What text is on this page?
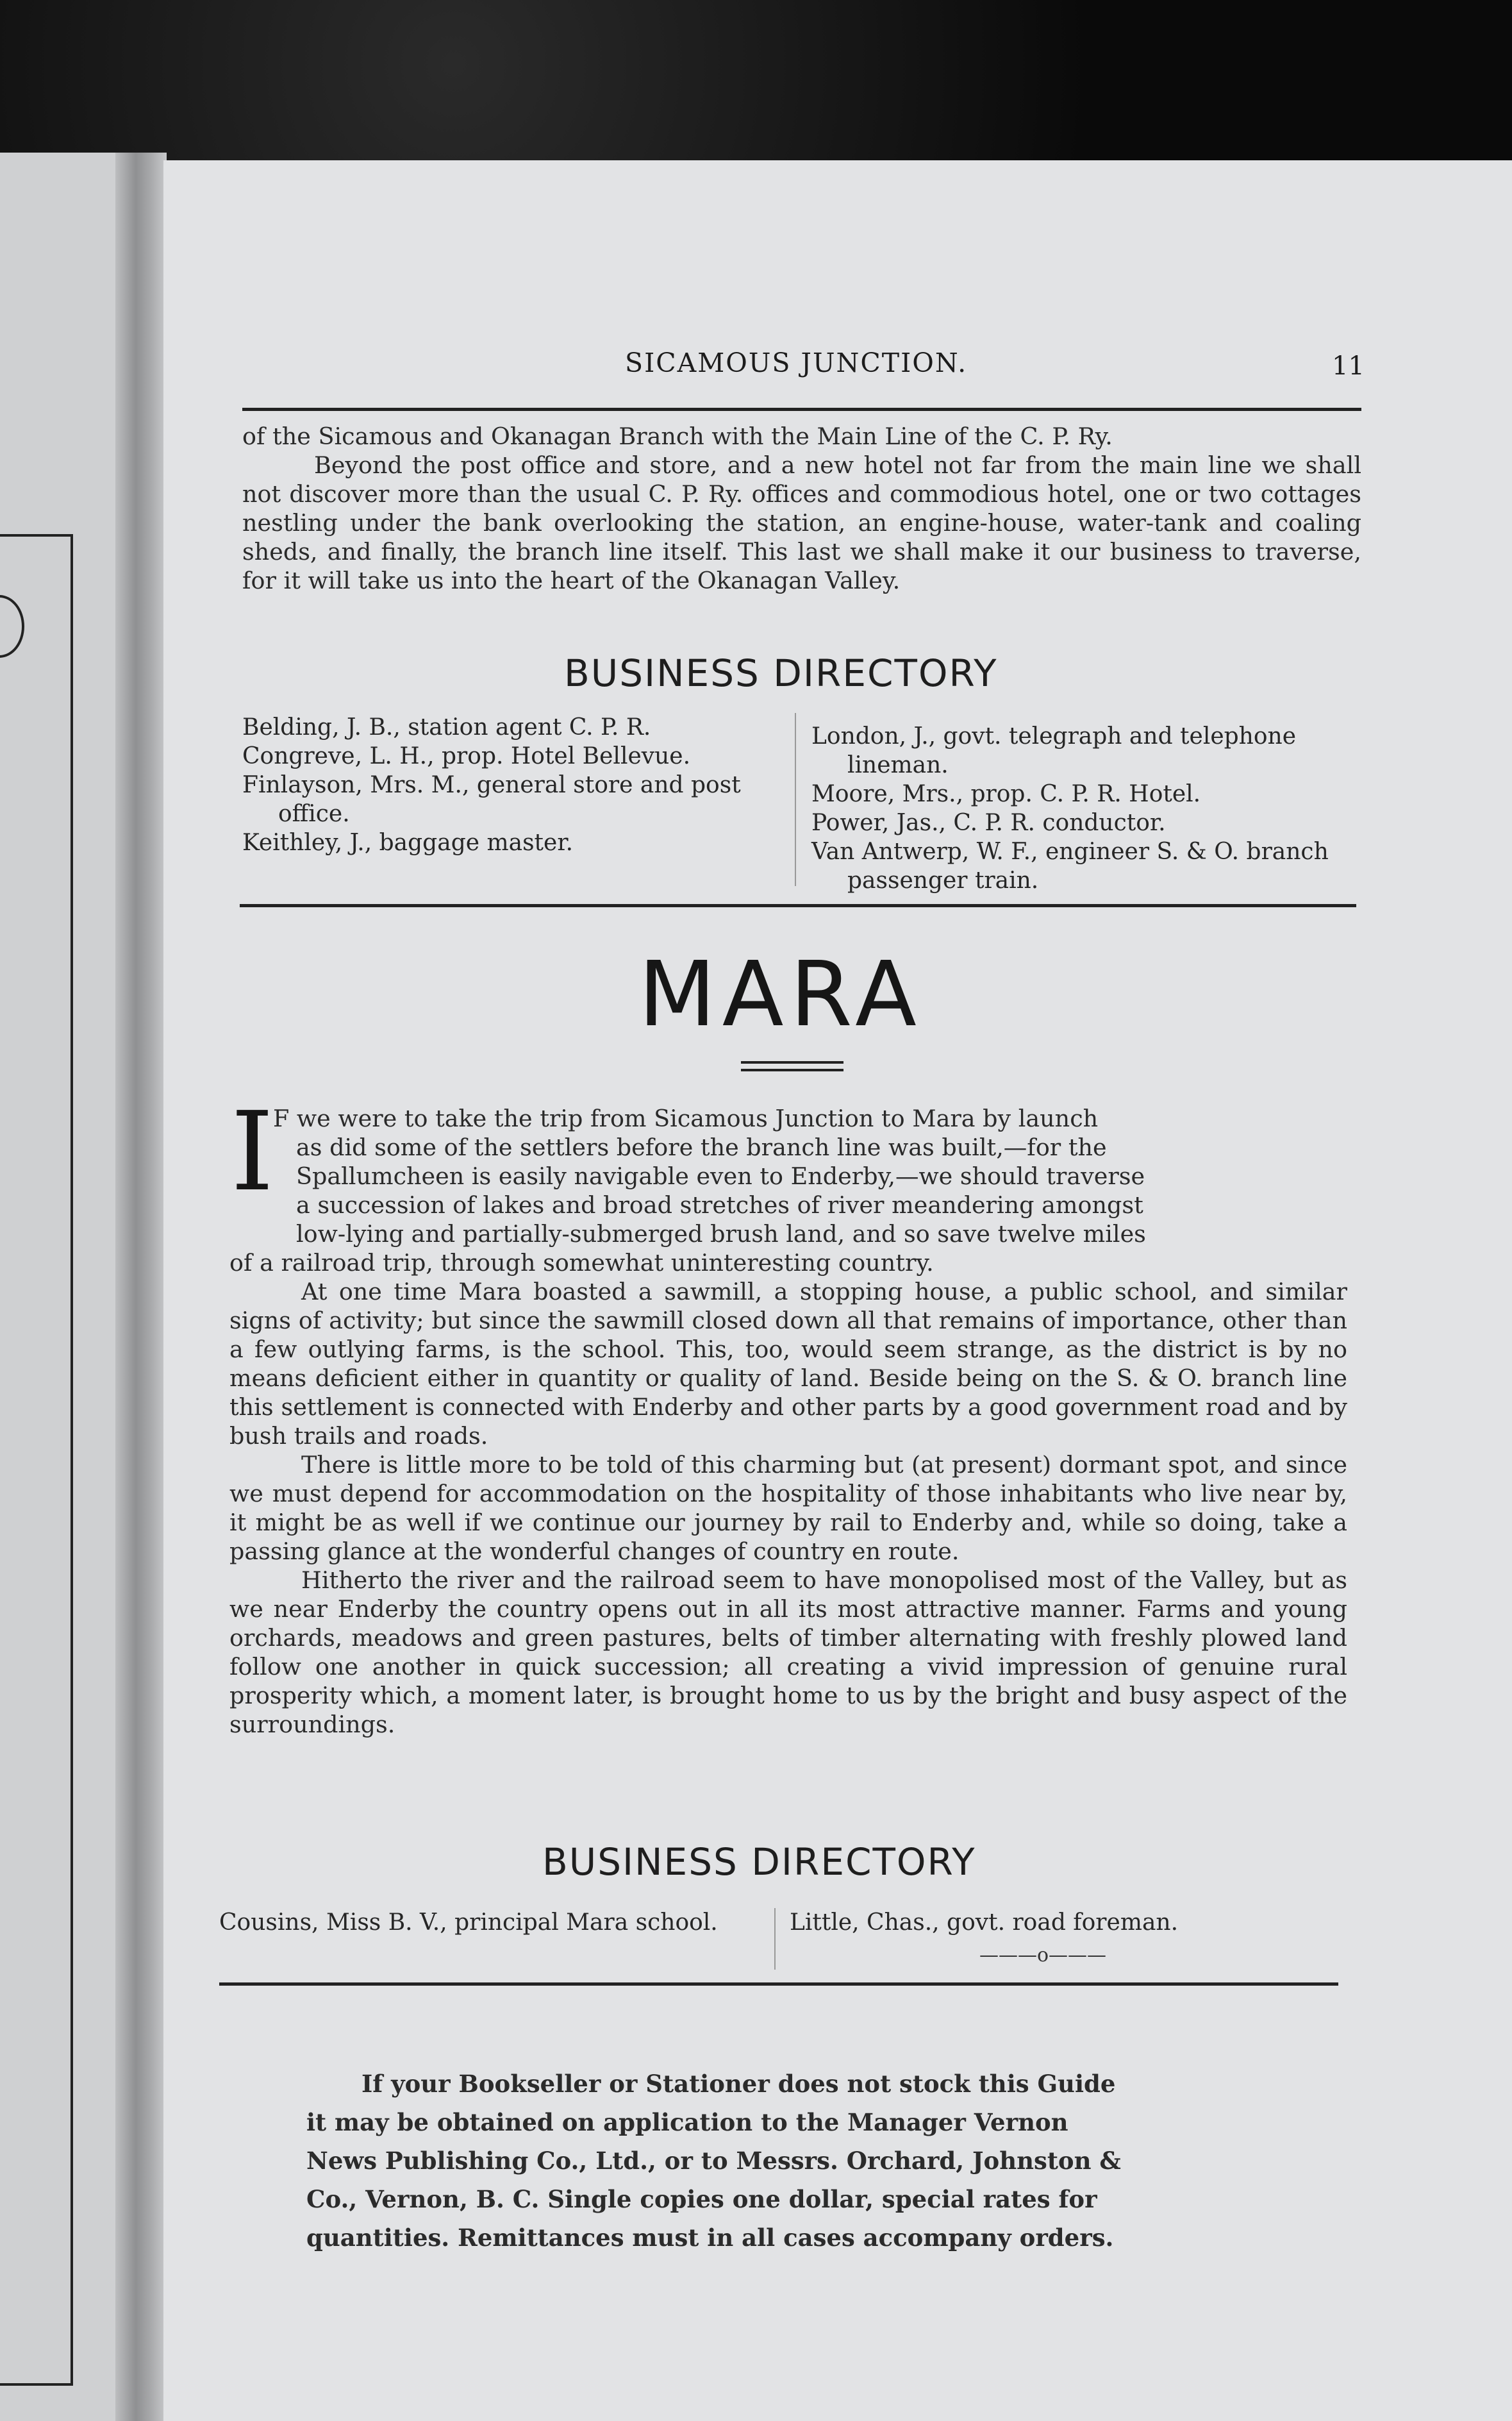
SICAMOUS JUNCTION.	11

of the Sicamous and Okanagan Branch with the Main Line of the C. P. Ry.

Beyond the post office and store, and a new hotel not far from the main line we shall not discover more than the usual C. P. Ry. offices and commodious hotel, one or two cottages nestling under the bank overlooking the station, an engine-house, water-tank and coaling sheds, and finally, the branch line itself. This last we shall make it our business to traverse, for it will take us into the heart of the Okanagan Valley.

BUSINESS DIRECTORY
Belding, J. B., station agent C. P. R.
Congreve, L. H., prop. Hotel Bellevue.
Finlayson, Mrs. M., general store and post office.
Keithley, J., baggage master.
London, J., govt. telegraph and telephone lineman.
Moore, Mrs., prop. C. P. R. Hotel.
Power, Jas., C. P. R. conductor.
Van Antwerp, W. F., engineer S. & O. branch passenger train.
MARA
I

F we were to take the trip from Sicamous Junction to Mara by launch

as did some of the settlers before the branch line was built,—for the

Spallumcheen is easily navigable even to Enderby,—we should traverse

a succession of lakes and broad stretches of river meandering amongst

low-lying and partially-submerged brush land, and so save twelve miles

of a railroad trip, through somewhat uninteresting country.

At one time Mara boasted a sawmill, a stopping house, a public school, and similar signs of activity; but since the sawmill closed down all that remains of importance, other than a few outlying farms, is the school. This, too, would seem strange, as the district is by no means deficient either in quantity or quality of land. Beside being on the S. & O. branch line this settlement is connected with Enderby and other parts by a good government road and by bush trails and roads.

There is little more to be told of this charming but (at present) dormant spot, and since we must depend for accommodation on the hospitality of those inhabitants who live near by, it might be as well if we continue our journey by rail to Enderby and, while so doing, take a passing glance at the wonderful changes of country en route.

Hitherto the river and the railroad seem to have monopolised most of the Valley, but as we near Enderby the country opens out in all its most attractive manner. Farms and young orchards, meadows and green pastures, belts of timber alternating with freshly plowed land follow one another in quick succession; all creating a vivid impression of genuine rural prosperity which, a moment later, is brought home to us by the bright and busy aspect of the surroundings.

BUSINESS DIRECTORY
Cousins, Miss B. V., principal Mara school.	Little, Chas., govt. road foreman.
———o———
If your Bookseller or Stationer does not stock this Guide
it may be obtained on application to the Manager Vernon
News Publishing Co., Ltd., or to Messrs. Orchard, Johnston &
Co., Vernon, B. C. Single copies one dollar, special rates for
quantities. Remittances must in all cases accompany orders.
